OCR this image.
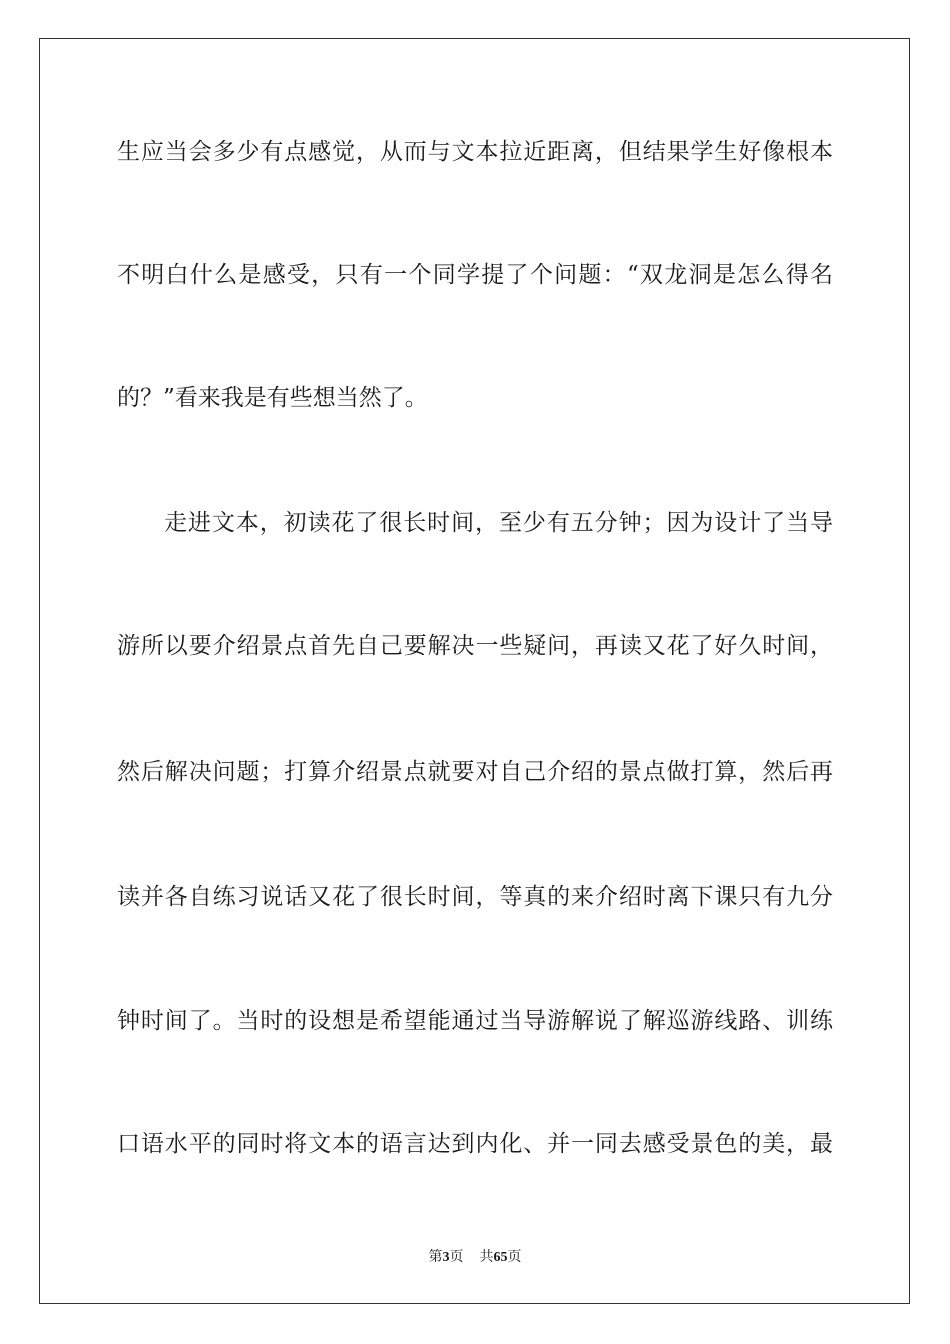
生应当会多少有点感觉，从而与文本拉近距离，但结果学生好像根本
不明白什么是感受，只有一个同学提了个问题：“双龙洞是怎么得名
的？”看来我是有些想当然了。
走进文本，初读花了很长时间，至少有五分钟；因为设计了当导
游所以要介绍景点首先自己要解决一些疑问，再读又花了好久时间，
然后解决问题；打算介绍景点就要对自己介绍的景点做打算，然后再
读并各自练习说话又花了很长时间，等真的来介绍时离下课只有九分
钟时间了。当时的设想是希望能通过当导游解说了解巡游线路、训练
口语水平的同时将文本的语言达到内化、并一同去感受景色的美，最
第3页 共65页
